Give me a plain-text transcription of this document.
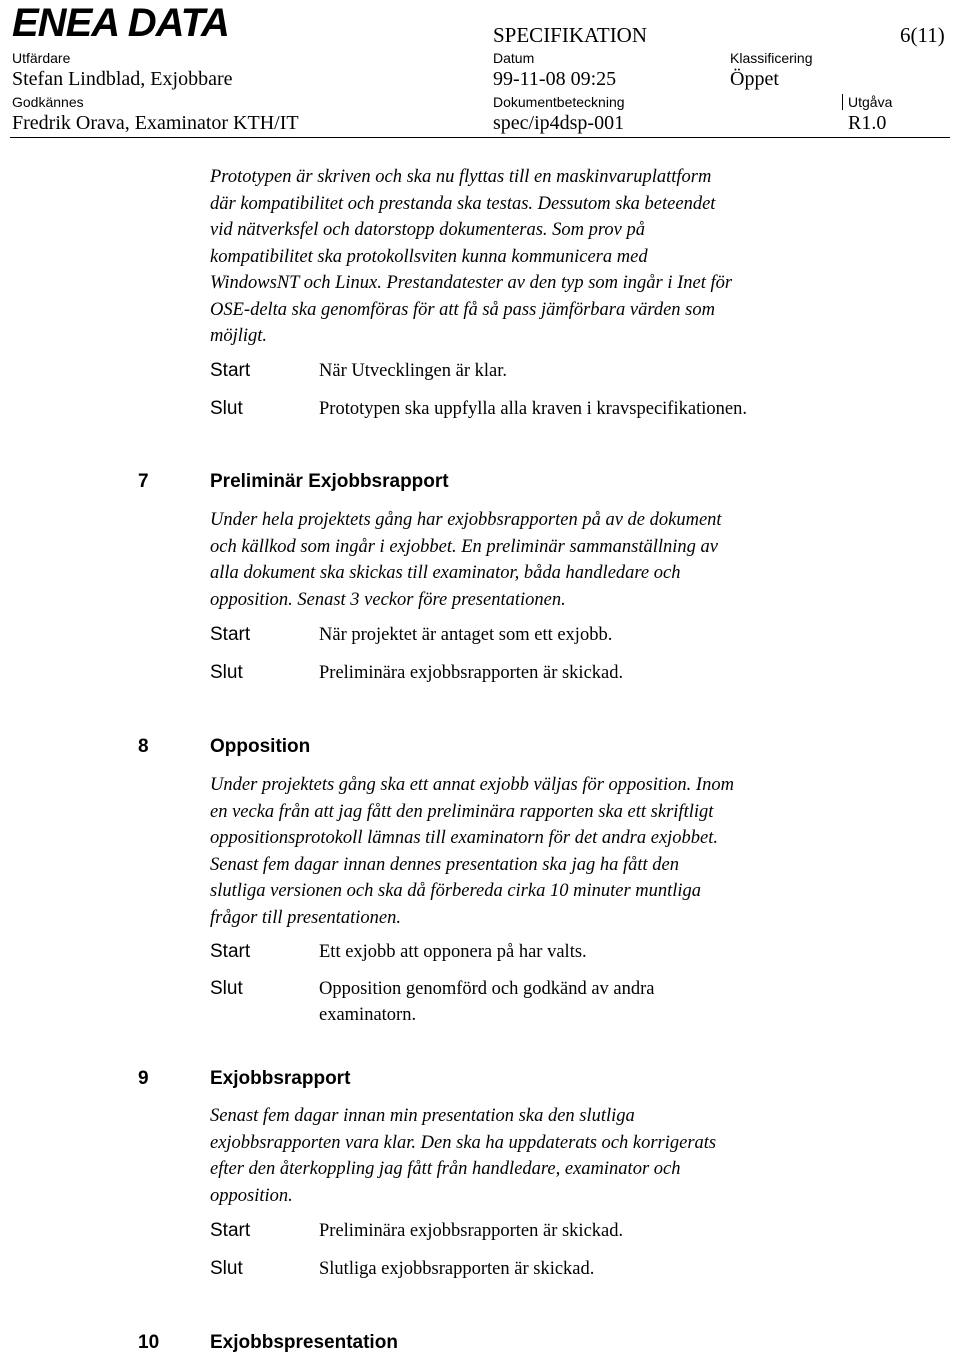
ENEA DATA	SPECIFIKATION	6(11)
Utfärdare	Datum	Klassificering
Stefan Lindblad, Exjobbare	99-11-08 09:25	Öppet
Godkännes	Dokumentbeteckning	Utgåva
Fredrik Orava, Examinator KTH/IT	spec/ip4dsp-001	R1.0
Prototypen är skriven och ska nu flyttas till en maskinvaruplattform
där kompatibilitet och prestanda ska testas. Dessutom ska beteendet
vid nätverksfel och datorstopp dokumenteras. Som prov på
kompatibilitet ska protokollsviten kunna kommunicera med
WindowsNT och Linux. Prestandatester av den typ som ingår i Inet för
OSE-delta ska genomföras för att få så pass jämförbara värden som
möjligt.
Start	När Utvecklingen är klar.
Slut	Prototypen ska uppfylla alla kraven i kravspecifikationen.
7	Preliminär Exjobbsrapport
Under hela projektets gång har exjobbsrapporten på av de dokument
och källkod som ingår i exjobbet. En preliminär sammanställning av
alla dokument ska skickas till examinator, båda handledare och
opposition. Senast 3 veckor före presentationen.
Start	När projektet är antaget som ett exjobb.
Slut	Preliminära exjobbsrapporten är skickad.
8	Opposition
Under projektets gång ska ett annat exjobb väljas för opposition. Inom
en vecka från att jag fått den preliminära rapporten ska ett skriftligt
oppositionsprotokoll lämnas till examinatorn för det andra exjobbet.
Senast fem dagar innan dennes presentation ska jag ha fått den
slutliga versionen och ska då förbereda cirka 10 minuter muntliga
frågor till presentationen.
Start	Ett exjobb att opponera på har valts.
Slut	Opposition genomförd och godkänd av andra
examinatorn.
9	Exjobbsrapport
Senast fem dagar innan min presentation ska den slutliga
exjobbsrapporten vara klar. Den ska ha uppdaterats och korrigerats
efter den återkoppling jag fått från handledare, examinator och
opposition.
Start	Preliminära exjobbsrapporten är skickad.
Slut	Slutliga exjobbsrapporten är skickad.
10	Exjobbspresentation
